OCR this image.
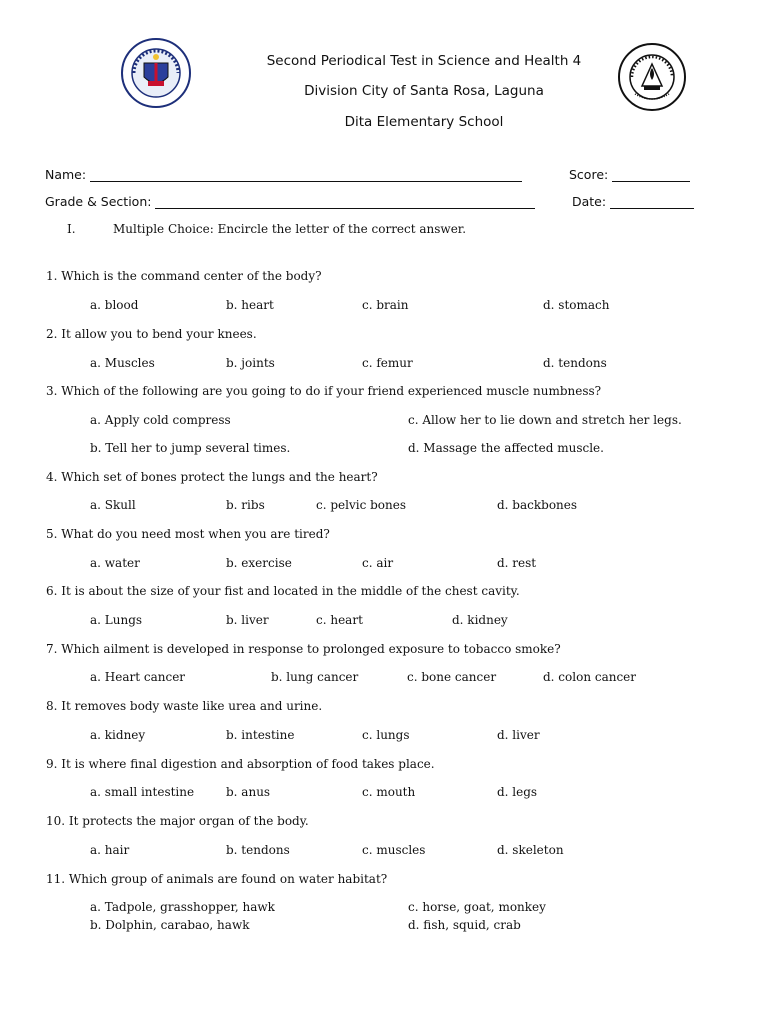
Second Periodical Test in Science and Health 4
Division City of Santa Rosa, Laguna
Dita Elementary School
Name:
Grade & Section:
Score:
Date:
I.	Multiple Choice: Encircle the letter of the correct answer.
1. Which is the command center of the body?
a. blood	b. heart	c. brain	d. stomach
2. It allow you to bend your knees.
a. Muscles	b. joints	c. femur	d. tendons
3. Which of the following are you going to do if your friend experienced muscle numbness?
a. Apply cold compress	c. Allow her to lie down and stretch her legs.
b. Tell her to jump several times.	d. Massage the affected muscle.
4. Which set of bones protect the lungs and the heart?
a. Skull	b. ribs	c. pelvic bones	d. backbones
5. What do you need most when you are tired?
a. water	b. exercise	c. air	d. rest
6. It is about the size of your fist and located in the middle of the chest cavity.
a. Lungs	b. liver	c. heart	d. kidney
7. Which ailment is developed in response to prolonged exposure to tobacco smoke?
a. Heart cancer	b. lung cancer	c. bone cancer	d. colon cancer
8. It removes body waste like urea and urine.
a. kidney	b. intestine	c. lungs	d. liver
9. It is where final digestion and absorption of food takes place.
a. small intestine	b. anus	c. mouth	d. legs
10. It protects the major organ of the body.
a. hair	b. tendons	c. muscles	d. skeleton
11. Which group of animals are found on water habitat?
a. Tadpole, grasshopper, hawk	c. horse, goat, monkey
b. Dolphin, carabao, hawk	d. fish, squid, crab
